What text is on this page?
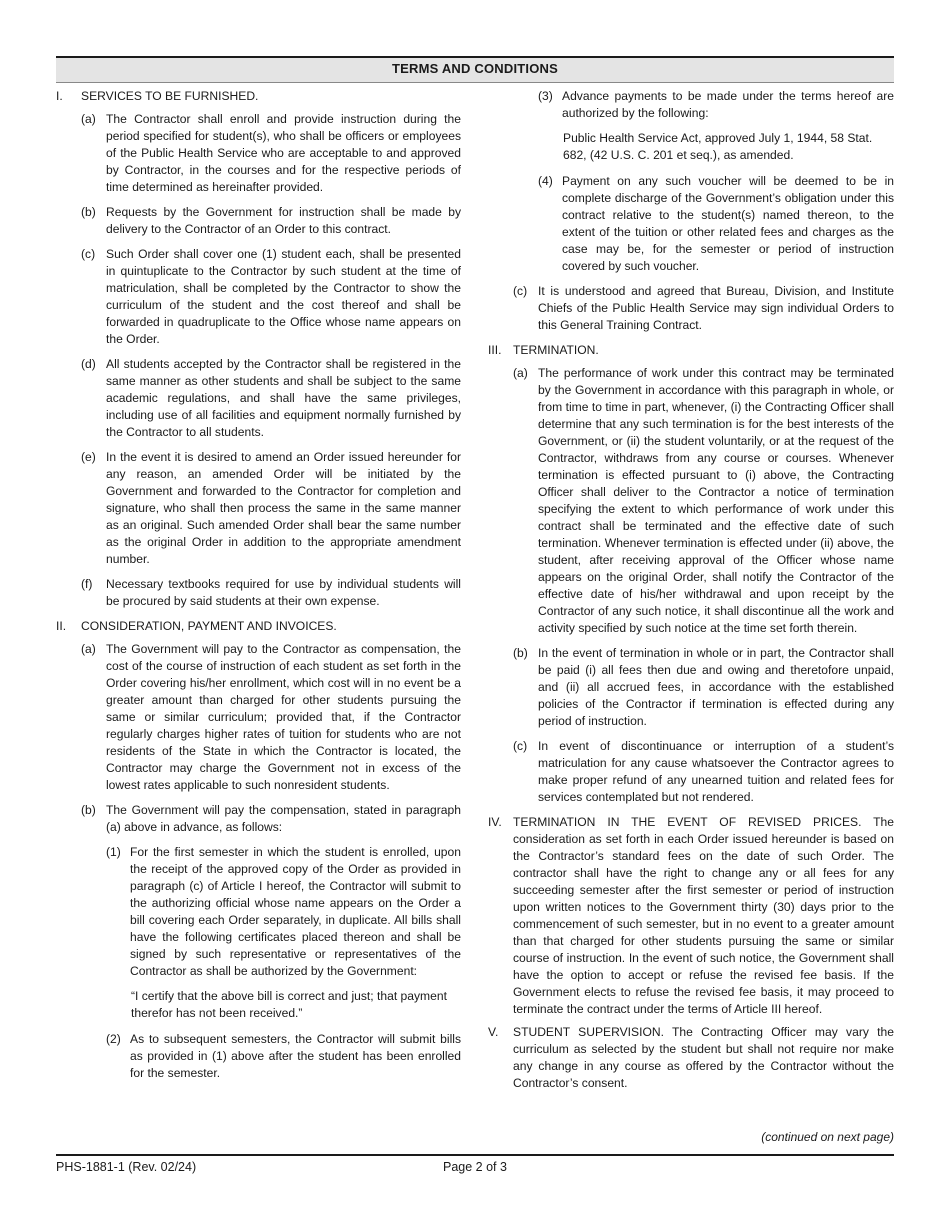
TERMS AND CONDITIONS
I.	SERVICES TO BE FURNISHED.
(a) The Contractor shall enroll and provide instruction during the period specified for student(s), who shall be officers or employees of the Public Health Service who are acceptable to and approved by Contractor, in the courses and for the respective periods of time determined as hereinafter provided.
(b) Requests by the Government for instruction shall be made by delivery to the Contractor of an Order to this contract.
(c) Such Order shall cover one (1) student each, shall be presented in quintuplicate to the Contractor by such student at the time of matriculation, shall be completed by the Contractor to show the curriculum of the student and the cost thereof and shall be forwarded in quadruplicate to the Office whose name appears on the Order.
(d) All students accepted by the Contractor shall be registered in the same manner as other students and shall be subject to the same academic regulations, and shall have the same privileges, including use of all facilities and equipment normally furnished by the Contractor to all students.
(e) In the event it is desired to amend an Order issued hereunder for any reason, an amended Order will be initiated by the Government and forwarded to the Contractor for completion and signature, who shall then process the same in the same manner as an original. Such amended Order shall bear the same number as the original Order in addition to the appropriate amendment number.
(f)	Necessary textbooks required for use by individual students will be procured by said students at their own expense.
II.	CONSIDERATION, PAYMENT AND INVOICES.
(a) The Government will pay to the Contractor as compensation, the cost of the course of instruction of each student as set forth in the Order covering his/her enrollment, which cost will in no event be a greater amount than charged for other students pursuing the same or similar curriculum; provided that, if the Contractor regularly charges higher rates of tuition for students who are not residents of the State in which the Contractor is located, the Contractor may charge the Government not in excess of the lowest rates applicable to such nonresident students.
(b) The Government will pay the compensation, stated in paragraph (a) above in advance, as follows:
(1) For the first semester in which the student is enrolled, upon the receipt of the approved copy of the Order as provided in paragraph (c) of Article I hereof, the Contractor will submit to the authorizing official whose name appears on the Order a bill covering each Order separately, in duplicate. All bills shall have the following certificates placed thereon and shall be signed by such representative or representatives of the Contractor as shall be authorized by the Government:
“I certify that the above bill is correct and just; that payment therefor has not been received.”
(2) As to subsequent semesters, the Contractor will submit bills as provided in (1) above after the student has been enrolled for the semester.
(3) Advance payments to be made under the terms hereof are authorized by the following:
Public Health Service Act, approved July 1, 1944, 58 Stat. 682, (42 U.S. C. 201 et seq.), as amended.
(4) Payment on any such voucher will be deemed to be in complete discharge of the Government’s obligation under this contract relative to the student(s) named thereon, to the extent of the tuition or other related fees and charges as the case may be, for the semester or period of instruction covered by such voucher.
(c) It is understood and agreed that Bureau, Division, and Institute Chiefs of the Public Health Service may sign individual Orders to this General Training Contract.
III. TERMINATION.
(a) The performance of work under this contract may be terminated by the Government in accordance with this paragraph in whole, or from time to time in part, whenever, (i) the Contracting Officer shall determine that any such termination is for the best interests of the Government, or (ii) the student voluntarily, or at the request of the Contractor, withdraws from any course or courses. Whenever termination is effected pursuant to (i) above, the Contracting Officer shall deliver to the Contractor a notice of termination specifying the extent to which performance of work under this contract shall be terminated and the effective date of such termination. Whenever termination is effected under (ii) above, the student, after receiving approval of the Officer whose name appears on the original Order, shall notify the Contractor of the effective date of his/her withdrawal and upon receipt by the Contractor of any such notice, it shall discontinue all the work and activity specified by such notice at the time set forth therein.
(b) In the event of termination in whole or in part, the Contractor shall be paid (i) all fees then due and owing and theretofore unpaid, and (ii) all accrued fees, in accordance with the established policies of the Contractor if termination is effected during any period of instruction.
(c) In event of discontinuance or interruption of a student’s matriculation for any cause whatsoever the Contractor agrees to make proper refund of any unearned tuition and related fees for services contemplated but not rendered.
IV. TERMINATION IN THE EVENT OF REVISED PRICES. The consideration as set forth in each Order issued hereunder is based on the Contractor’s standard fees on the date of such Order. The contractor shall have the right to change any or all fees for any succeeding semester after the first semester or period of instruction upon written notices to the Government thirty (30) days prior to the commencement of such semester, but in no event to a greater amount than that charged for other students pursuing the same or similar course of instruction. In the event of such notice, the Government shall have the option to accept or refuse the revised fee basis. If the Government elects to refuse the revised fee basis, it may proceed to terminate the contract under the terms of Article III hereof.
V.	STUDENT SUPERVISION. The Contracting Officer may vary the curriculum as selected by the student but shall not require nor make any change in any course as offered by the Contractor without the Contractor’s consent.
(continued on next page)
PHS-1881-1 (Rev. 02/24)	Page 2 of 3
